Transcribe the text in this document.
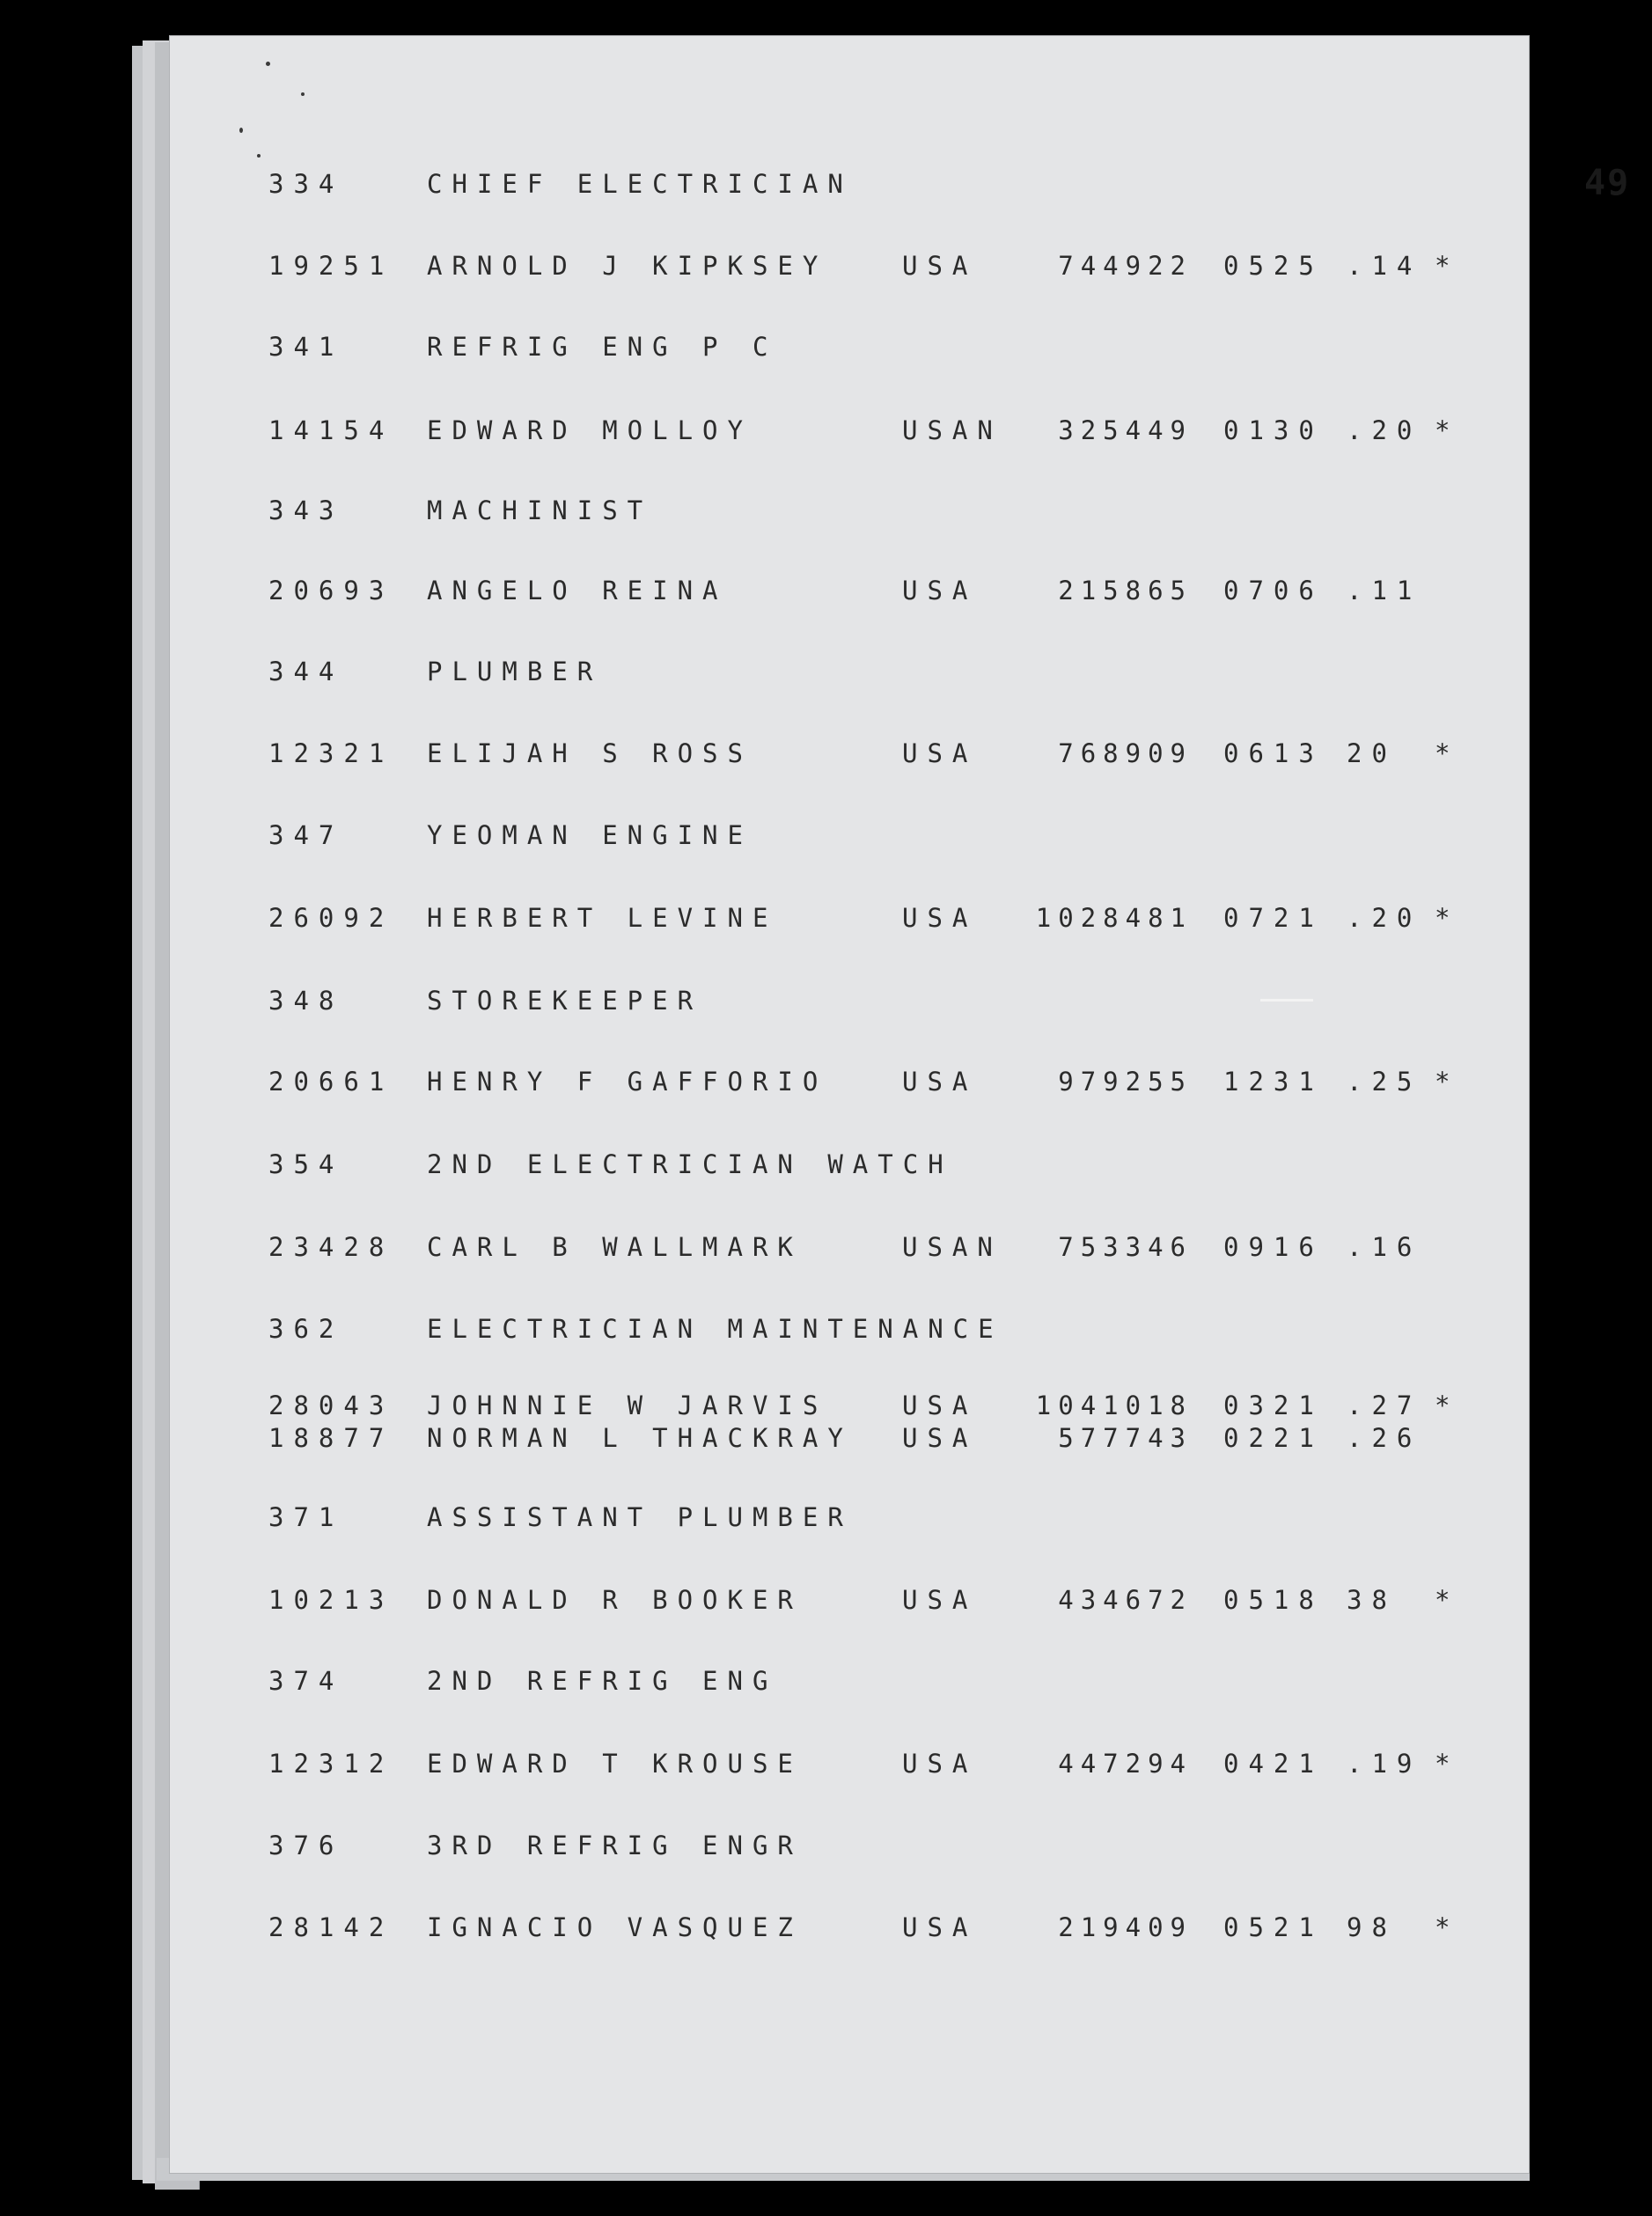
49
334	CHIEF ELECTRICIAN
19251 ARNOLD J KIPKSEY	USA	744922 0525 .14 *
341	REFRIG ENG P C
14154 EDWARD MOLLOY	USAN 325449 0130 .20 *
343	MACHINIST
20693 ANGELO REINA	USA	215865 0706 .11
344	PLUMBER
12321 ELIJAH S ROSS	USA	768909 0613 20 *
347	YEOMAN ENGINE
26092 HERBERT LEVINE	USA 1028481 0721 .20 *
348	STOREKEEPER
20661 HENRY F GAFFORIO	USA	979255 1231 .25 *
354	2ND ELECTRICIAN WATCH
23428 CARL B WALLMARK	USAN 753346 0916 .16
362	ELECTRICIAN MAINTENANCE
28043 JOHNNIE W JARVIS	USA 1041018 0321 .27 *
18877 NORMAN L THACKRAY USA	577743 0221 .26
371	ASSISTANT PLUMBER
10213 DONALD R BOOKER	USA	434672 0518 38 *
374	2ND REFRIG ENG
12312 EDWARD T KROUSE	USA	447294 0421 .19 *
376	3RD REFRIG ENGR
28142 IGNACIO VASQUEZ	USA	219409 0521 98 *
